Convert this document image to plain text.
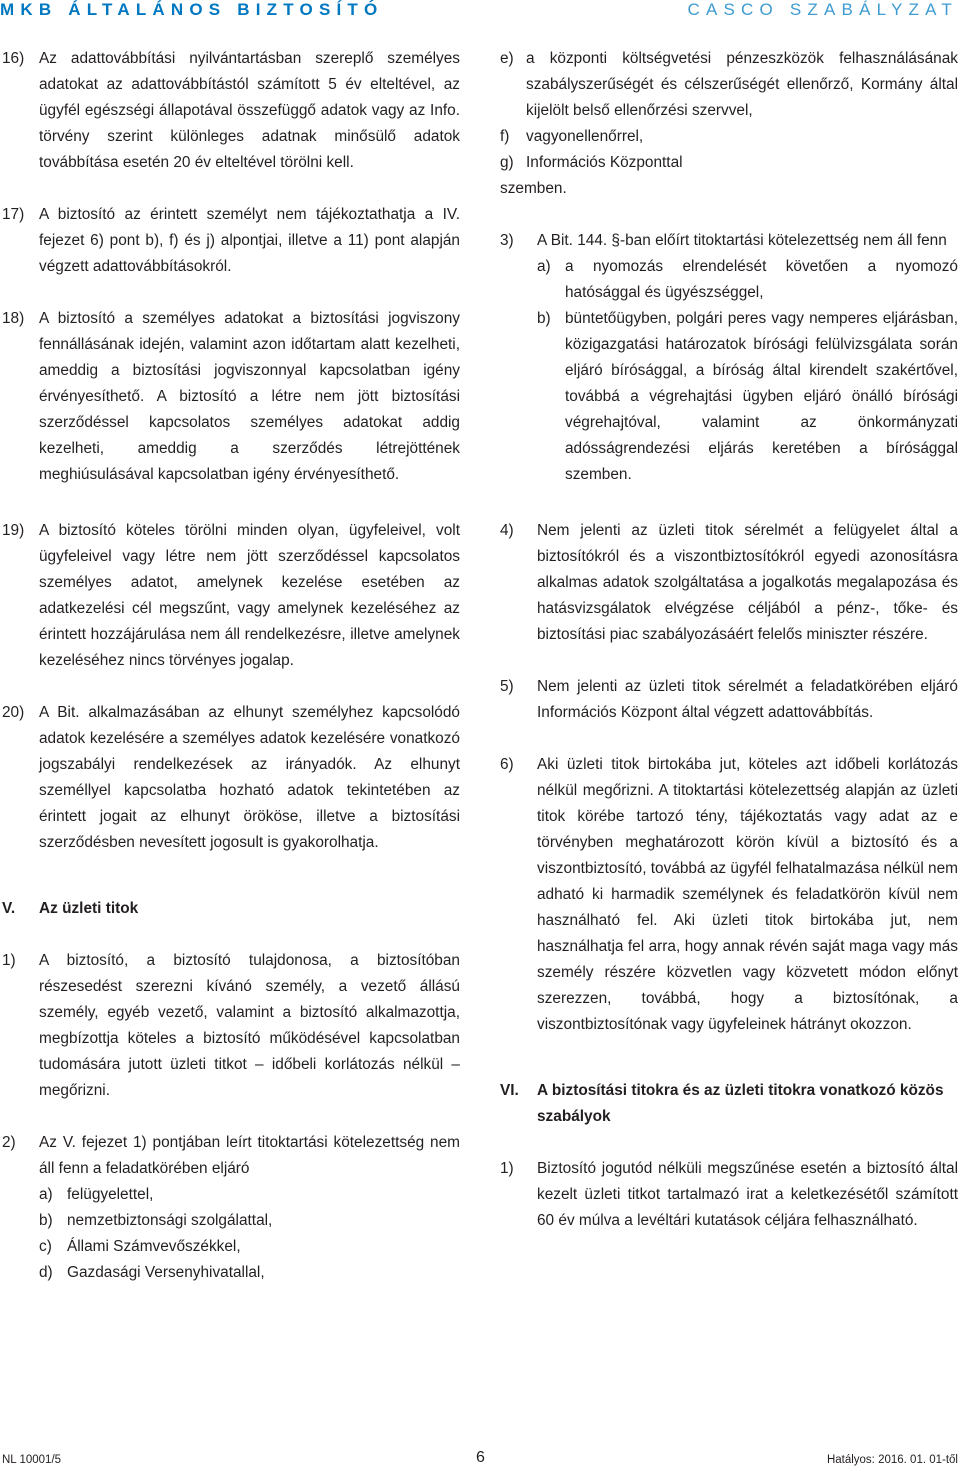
MKB ÁLTALÁNOS BIZTOSÍTÓ	CASCO SZABÁLYZAT
16) Az adattovábbítási nyilvántartásban szereplő személyes adatokat az adattovábbítástól számított 5 év elteltével, az ügyfél egészségi állapotával összefüggő adatok vagy az Info. törvény szerint különleges adatnak minősülő adatok továbbítása esetén 20 év elteltével törölni kell.
17) A biztosító az érintett személyt nem tájékoztathatja a IV. fejezet 6) pont b), f) és j) alpontjai, illetve a 11) pont alapján végzett adattovábbításokról.
18) A biztosító a személyes adatokat a biztosítási jogviszony fennállásának idején, valamint azon időtartam alatt kezelheti, ameddig a biztosítási jogviszonnyal kapcsolatban igény érvényesíthető. A biztosító a létre nem jött biztosítási szerződéssel kapcsolatos személyes adatokat addig kezelheti, ameddig a szerződés létrejöttének meghiúsulásával kapcsolatban igény érvényesíthető.
19) A biztosító köteles törölni minden olyan, ügyfeleivel, volt ügyfeleivel vagy létre nem jött szerződéssel kapcsolatos személyes adatot, amelynek kezelése esetében az adatkezelési cél megszűnt, vagy amelynek kezeléséhez az érintett hozzájárulása nem áll rendelkezésre, illetve amelynek kezeléséhez nincs törvényes jogalap.
20) A Bit. alkalmazásában az elhunyt személyhez kapcsolódó adatok kezelésére a személyes adatok kezelésére vonatkozó jogszabályi rendelkezések az irányadók. Az elhunyt személlyel kapcsolatba hozható adatok tekintetében az érintett jogait az elhunyt örököse, illetve a biztosítási szerződésben nevesített jogosult is gyakorolhatja.
V. Az üzleti titok
1) A biztosító, a biztosító tulajdonosa, a biztosítóban részesedést szerezni kívánó személy, a vezető állású személy, egyéb vezető, valamint a biztosító alkalmazottja, megbízottja köteles a biztosító működésével kapcsolatban tudomására jutott üzleti titkot – időbeli korlátozás nélkül – megőrizni.
2) Az V. fejezet 1) pontjában leírt titoktartási kötelezettség nem áll fenn a feladatkörében eljáró
a) felügyelettel,
b) nemzetbiztonsági szolgálattal,
c) Állami Számvevőszékkel,
d) Gazdasági Versenyhivatallal,
e) a központi költségvetési pénzeszközök felhasználásának szabályszerűségét és célszerűségét ellenőrző, Kormány által kijelölt belső ellenőrzési szervvel,
f) vagyonellenőrrel,
g) Információs Központtal
szemben.
3) A Bit. 144. §-ban előírt titoktartási kötelezettség nem áll fenn
a) a nyomozás elrendelését követően a nyomozó hatósággal és ügyészséggel,
b) büntetőügyben, polgári peres vagy nemperes eljárásban, közigazgatási határozatok bírósági felülvizsgálata során eljáró bírósággal, a bíróság által kirendelt szakértővel, továbbá a végrehajtási ügyben eljáró önálló bírósági végrehajtóval, valamint az önkormányzati adósságrendezési eljárás keretében a bírósággal szemben.
4) Nem jelenti az üzleti titok sérelmét a felügyelet által a biztosítókról és a viszontbiztosítókról egyedi azonosításra alkalmas adatok szolgáltatása a jogalkotás megalapozása és hatásvizsgálatok elvégzése céljából a pénz-, tőke- és biztosítási piac szabályozásáért felelős miniszter részére.
5) Nem jelenti az üzleti titok sérelmét a feladatkörében eljáró Információs Központ által végzett adattovábbítás.
6) Aki üzleti titok birtokába jut, köteles azt időbeli korlátozás nélkül megőrizni. A titoktartási kötelezettség alapján az üzleti titok körébe tartozó tény, tájékoztatás vagy adat az e törvényben meghatározott körön kívül a biztosító és a viszontbiztosító, továbbá az ügyfél felhatalmazása nélkül nem adható ki harmadik személynek és feladatkörön kívül nem használható fel. Aki üzleti titok birtokába jut, nem használhatja fel arra, hogy annak révén saját maga vagy más személy részére közvetlen vagy közvetett módon előnyt szerezzen, továbbá, hogy a biztosítónak, a viszontbiztosítónak vagy ügyfeleinek hátrányt okozzon.
VI. A biztosítási titokra és az üzleti titokra vonatkozó közös szabályok
1) Biztosító jogutód nélküli megszűnése esetén a biztosító által kezelt üzleti titkot tartalmazó irat a keletkezésétől számított 60 év múlva a levéltári kutatások céljára felhasználható.
NL 10001/5	6	Hatályos: 2016. 01. 01-től
